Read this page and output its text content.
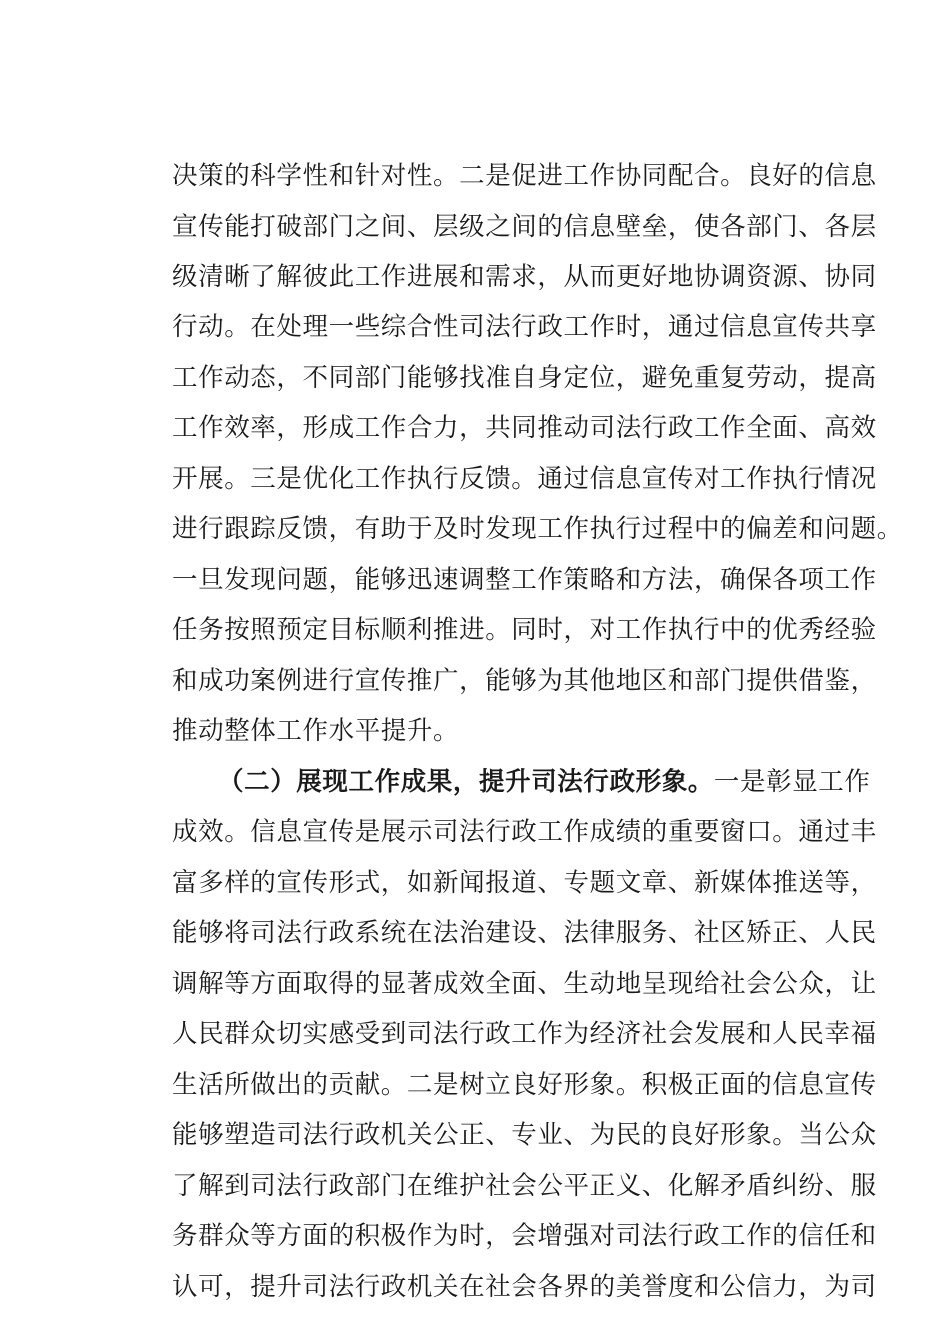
决策的科学性和针对性。二是促进工作协同配合。良好的信息
宣传能打破部门之间、层级之间的信息壁垒，使各部门、各层
级清晰了解彼此工作进展和需求，从而更好地协调资源、协同
行动。在处理一些综合性司法行政工作时，通过信息宣传共享
工作动态，不同部门能够找准自身定位，避免重复劳动，提高
工作效率，形成工作合力，共同推动司法行政工作全面、高效
开展。三是优化工作执行反馈。通过信息宣传对工作执行情况
进行跟踪反馈，有助于及时发现工作执行过程中的偏差和问题。
一旦发现问题，能够迅速调整工作策略和方法，确保各项工作
任务按照预定目标顺利推进。同时，对工作执行中的优秀经验
和成功案例进行宣传推广，能够为其他地区和部门提供借鉴，
推动整体工作水平提升。
（二）展现工作成果，提升司法行政形象。一是彰显工作
成效。信息宣传是展示司法行政工作成绩的重要窗口。通过丰
富多样的宣传形式，如新闻报道、专题文章、新媒体推送等，
能够将司法行政系统在法治建设、法律服务、社区矫正、人民
调解等方面取得的显著成效全面、生动地呈现给社会公众，让
人民群众切实感受到司法行政工作为经济社会发展和人民幸福
生活所做出的贡献。二是树立良好形象。积极正面的信息宣传
能够塑造司法行政机关公正、专业、为民的良好形象。当公众
了解到司法行政部门在维护社会公平正义、化解矛盾纠纷、服
务群众等方面的积极作为时，会增强对司法行政工作的信任和
认可，提升司法行政机关在社会各界的美誉度和公信力，为司
